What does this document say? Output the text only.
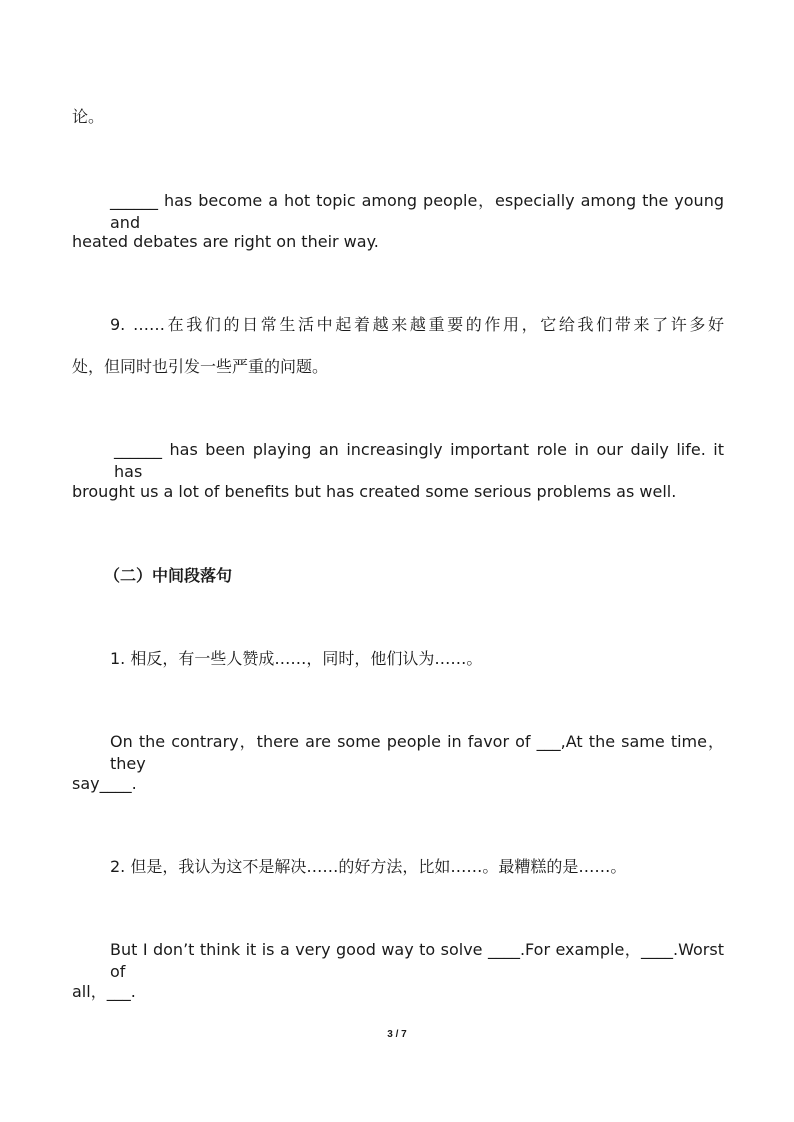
论。
______ has become a hot topic among people，especially among the young and
heated debates are right on their way.
9. ……在我们的日常生活中起着越来越重要的作用，它给我们带来了许多好
处，但同时也引发一些严重的问题。
______ has been playing an increasingly important role in our daily life. it has
brought us a lot of benefits but has created some serious problems as well.
（二）中间段落句
1. 相反，有一些人赞成……，同时，他们认为……。
On the contrary，there are some people in favor of ___,At the same time，they
say____.
2. 但是，我认为这不是解决……的好方法，比如……。最糟糕的是……。
But I don’t think it is a very good way to solve ____.For example，____.Worst of
all，___.
3 / 7
